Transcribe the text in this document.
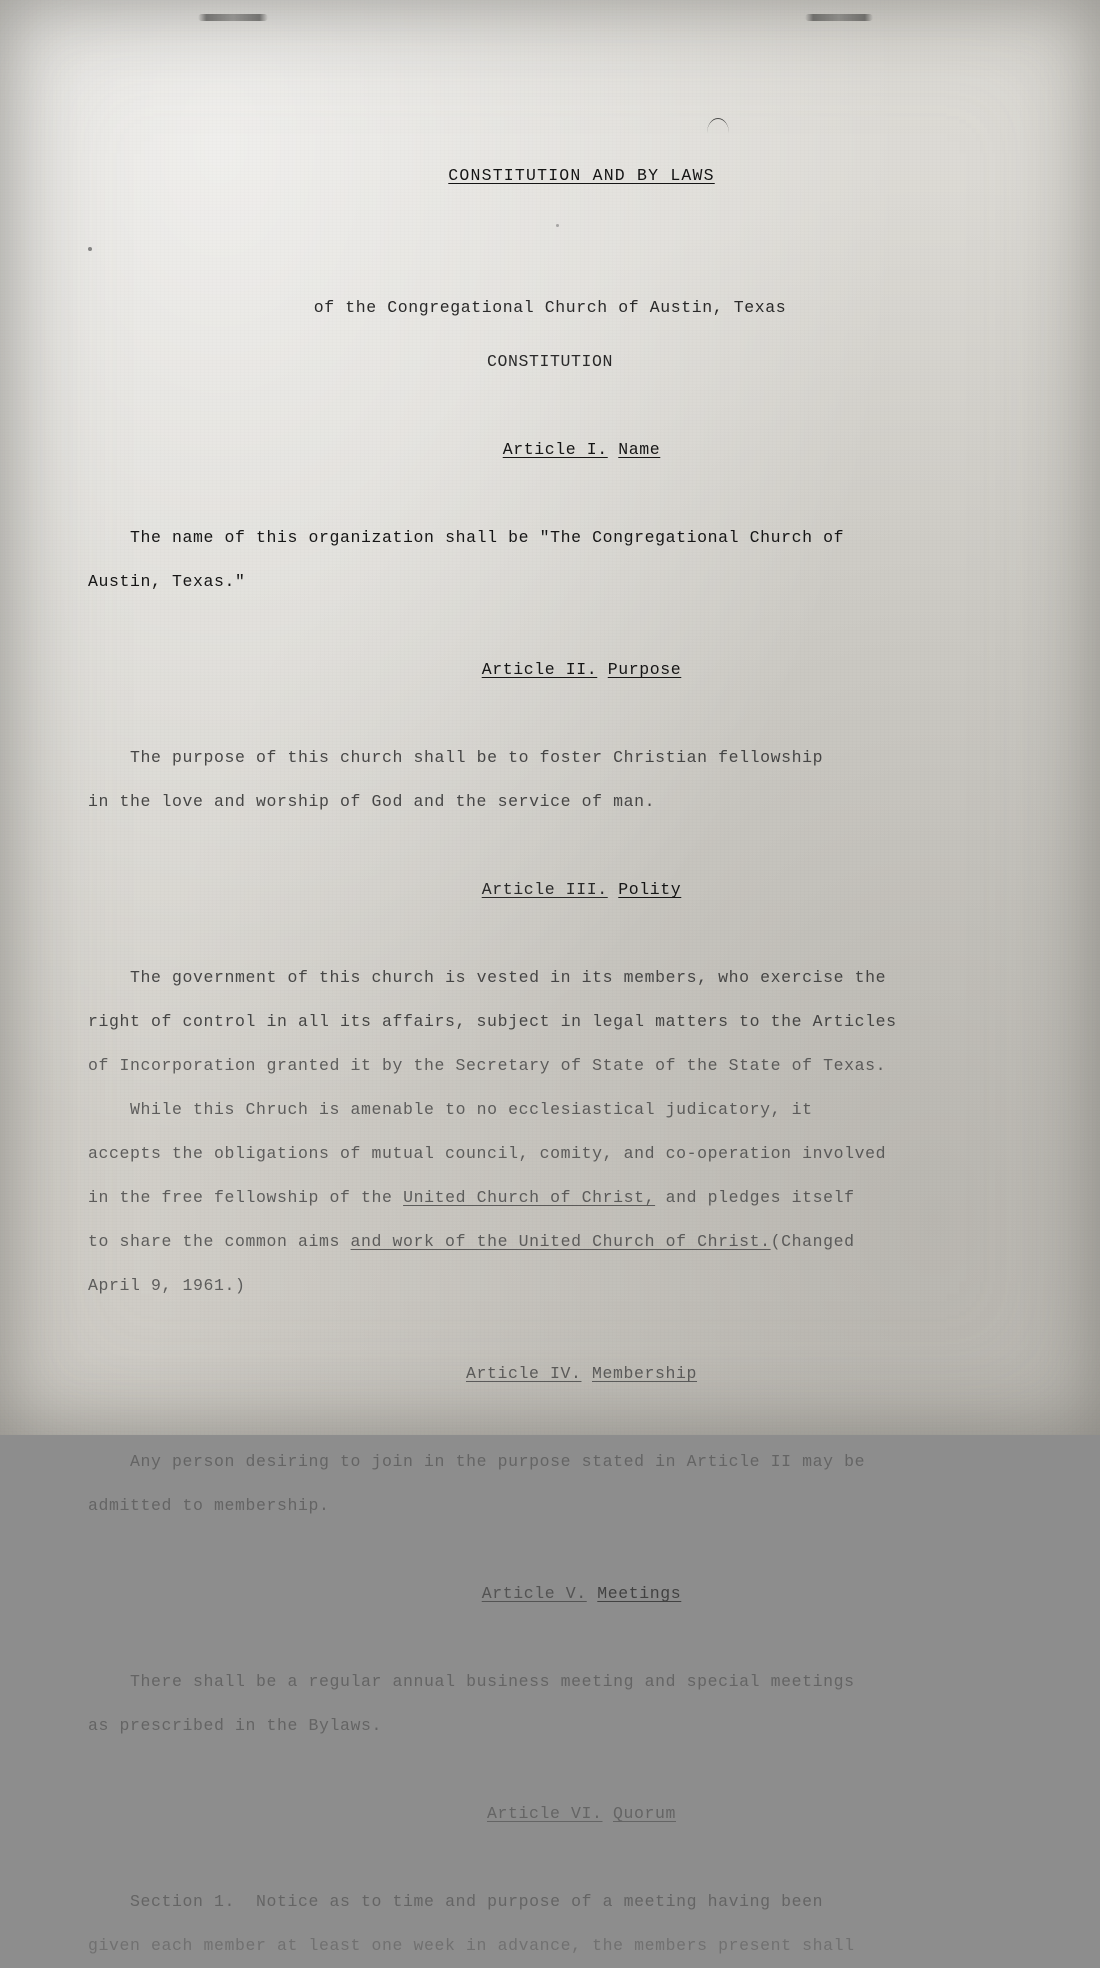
CONSTITUTION AND BY LAWS

of the Congregational Church of Austin, Texas
CONSTITUTION

Article I. Name

The name of this organization shall be "The Congregational Church of
Austin, Texas."

Article II. Purpose

The purpose of this church shall be to foster Christian fellowship
in the love and worship of God and the service of man.

Article III. Polity

The government of this church is vested in its members, who exercise the
right of control in all its affairs, subject in legal matters to the Articles
of Incorporation granted it by the Secretary of State of the State of Texas.
While this Chruch is amenable to no ecclesiastical judicatory, it
accepts the obligations of mutual council, comity, and co-operation involved
in the free fellowship of the United Church of Christ, and pledges itself
to share the common aims and work of the United Church of Christ.(Changed
April 9, 1961.)

Article IV. Membership

Any person desiring to join in the purpose stated in Article II may be
admitted to membership.

Article V. Meetings

There shall be a regular annual business meeting and special meetings
as prescribed in the Bylaws.

Article VI. Quorum

Section 1.  Notice as to time and purpose of a meeting having been
given each member at least one week in advance, the members present shall
